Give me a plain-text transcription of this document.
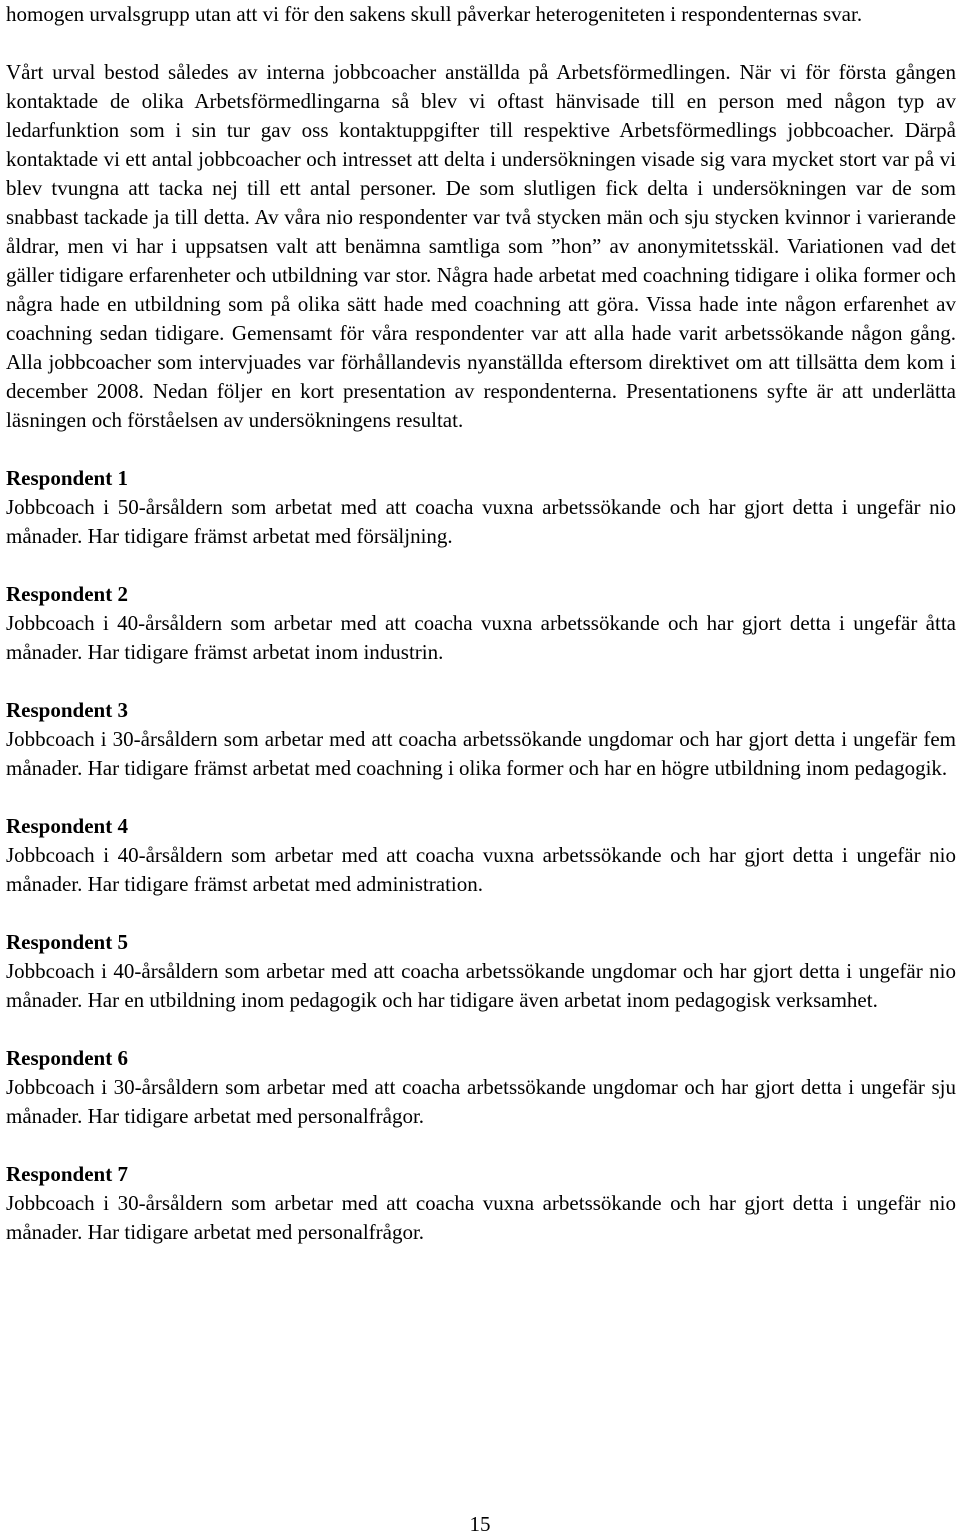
homogen urvalsgrupp utan att vi för den sakens skull påverkar heterogeniteten i respondenternas svar.

Vårt urval bestod således av interna jobbcoacher anställda på Arbetsförmedlingen. När vi för första gången kontaktade de olika Arbetsförmedlingarna så blev vi oftast hänvisade till en person med någon typ av ledarfunktion som i sin tur gav oss kontaktuppgifter till respektive Arbetsförmedlings jobbcoacher. Därpå kontaktade vi ett antal jobbcoacher och intresset att delta i undersökningen visade sig vara mycket stort var på vi blev tvungna att tacka nej till ett antal personer. De som slutligen fick delta i undersökningen var de som snabbast tackade ja till detta. Av våra nio respondenter var två stycken män och sju stycken kvinnor i varierande åldrar, men vi har i uppsatsen valt att benämna samtliga som ”hon” av anonymitetsskäl. Variationen vad det gäller tidigare erfarenheter och utbildning var stor. Några hade arbetat med coachning tidigare i olika former och några hade en utbildning som på olika sätt hade med coachning att göra. Vissa hade inte någon erfarenhet av coachning sedan tidigare. Gemensamt för våra respondenter var att alla hade varit arbetssökande någon gång. Alla jobbcoacher som intervjuades var förhållandevis nyanställda eftersom direktivet om att tillsätta dem kom i december 2008. Nedan följer en kort presentation av respondenterna. Presentationens syfte är att underlätta läsningen och förståelsen av undersökningens resultat.

Respondent 1

Jobbcoach i 50-årsåldern som arbetat med att coacha vuxna arbetssökande och har gjort detta i ungefär nio månader. Har tidigare främst arbetat med försäljning.

Respondent 2

Jobbcoach i 40-årsåldern som arbetar med att coacha vuxna arbetssökande och har gjort detta i ungefär åtta månader. Har tidigare främst arbetat inom industrin.

Respondent 3

Jobbcoach i 30-årsåldern som arbetar med att coacha arbetssökande ungdomar och har gjort detta i ungefär fem månader. Har tidigare främst arbetat med coachning i olika former och har en högre utbildning inom pedagogik.

Respondent 4

Jobbcoach i 40-årsåldern som arbetar med att coacha vuxna arbetssökande och har gjort detta i ungefär nio månader. Har tidigare främst arbetat med administration.

Respondent 5

Jobbcoach i 40-årsåldern som arbetar med att coacha arbetssökande ungdomar och har gjort detta i ungefär nio månader. Har en utbildning inom pedagogik och har tidigare även arbetat inom pedagogisk verksamhet.

Respondent 6

Jobbcoach i 30-årsåldern som arbetar med att coacha arbetssökande ungdomar och har gjort detta i ungefär sju månader. Har tidigare arbetat med personalfrågor.

Respondent 7

Jobbcoach i 30-årsåldern som arbetar med att coacha vuxna arbetssökande och har gjort detta i ungefär nio månader. Har tidigare arbetat med personalfrågor.

15
